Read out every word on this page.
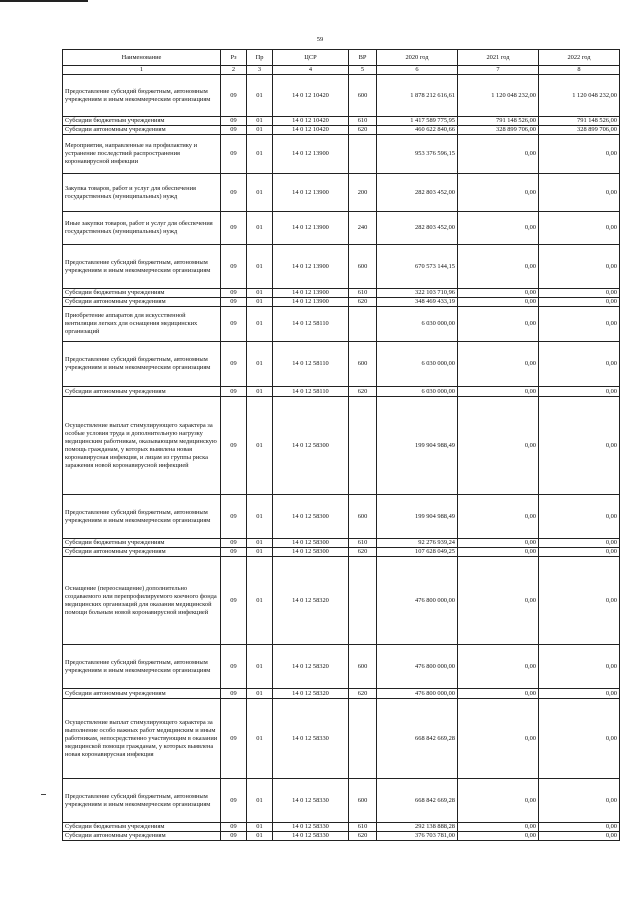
59
Наименование	Рз	Пр	ЦСР	ВР	2020 год	2021 год	2022 год
1	2	3	4	5	6	7	8
Предоставление субсидий бюджетным, автономным учреждениям и иным некоммерческим организациям	09	01	14 0 12 10420	600	1 878 212 616,61	1 120 048 232,00	1 120 048 232,00
Субсидии бюджетным учреждениям	09	01	14 0 12 10420	610	1 417 589 775,95	791 148 526,00	791 148 526,00
Субсидии автономным учреждениям	09	01	14 0 12 10420	620	460 622 840,66	328 899 706,00	328 899 706,00
Мероприятия, направленные на профилактику и устранение последствий распространения коронавирусной инфекции	09	01	14 0 12 13900		953 376 596,15	0,00	0,00
Закупка товаров, работ и услуг для обеспечения государственных (муниципальных) нужд	09	01	14 0 12 13900	200	282 803 452,00	0,00	0,00
Иные закупки товаров, работ и услуг для обеспечения государственных (муниципальных) нужд	09	01	14 0 12 13900	240	282 803 452,00	0,00	0,00
Предоставление субсидий бюджетным, автономным учреждениям и иным некоммерческим организациям	09	01	14 0 12 13900	600	670 573 144,15	0,00	0,00
Субсидии бюджетным учреждениям	09	01	14 0 12 13900	610	322 103 710,96	0,00	0,00
Субсидии автономным учреждениям	09	01	14 0 12 13900	620	348 469 433,19	0,00	0,00
Приобретение аппаратов для искусственной вентиляции легких для оснащения медицинских организаций	09	01	14 0 12 58110		6 030 000,00	0,00	0,00
Предоставление субсидий бюджетным, автономным учреждениям и иным некоммерческим организациям	09	01	14 0 12 58110	600	6 030 000,00	0,00	0,00
Субсидии автономным учреждениям	09	01	14 0 12 58110	620	6 030 000,00	0,00	0,00
Осуществление выплат стимулирующего характера за особые условия труда и дополнительную нагрузку медицинским работникам, оказывающим медицинскую помощь гражданам, у которых выявлена новая коронавирусная инфекция, и лицам из группы риска заражения новой коронавирусной инфекцией	09	01	14 0 12 58300		199 904 988,49	0,00	0,00
Предоставление субсидий бюджетным, автономным учреждениям и иным некоммерческим организациям	09	01	14 0 12 58300	600	199 904 988,49	0,00	0,00
Субсидии бюджетным учреждениям	09	01	14 0 12 58300	610	92 276 939,24	0,00	0,00
Субсидии автономным учреждениям	09	01	14 0 12 58300	620	107 628 049,25	0,00	0,00
Оснащение (переоснащение) дополнительно создаваемого или перепрофилируемого коечного фонда медицинских организаций для оказания медицинской помощи больным новой коронавирусной инфекцией	09	01	14 0 12 58320		476 800 000,00	0,00	0,00
Предоставление субсидий бюджетным, автономным учреждениям и иным некоммерческим организациям	09	01	14 0 12 58320	600	476 800 000,00	0,00	0,00
Субсидии автономным учреждениям	09	01	14 0 12 58320	620	476 800 000,00	0,00	0,00
Осуществление выплат стимулирующего характера за выполнение особо важных работ медицинским и иным работникам, непосредственно участвующим в оказании медицинской помощи гражданам, у которых выявлена новая коронавирусная инфекция	09	01	14 0 12 58330		668 842 669,28	0,00	0,00
Предоставление субсидий бюджетным, автономным учреждениям и иным некоммерческим организациям	09	01	14 0 12 58330	600	668 842 669,28	0,00	0,00
Субсидии бюджетным учреждениям	09	01	14 0 12 58330	610	292 138 888,28	0,00	0,00
Субсидии автономным учреждениям	09	01	14 0 12 58330	620	376 703 781,00	0,00	0,00
